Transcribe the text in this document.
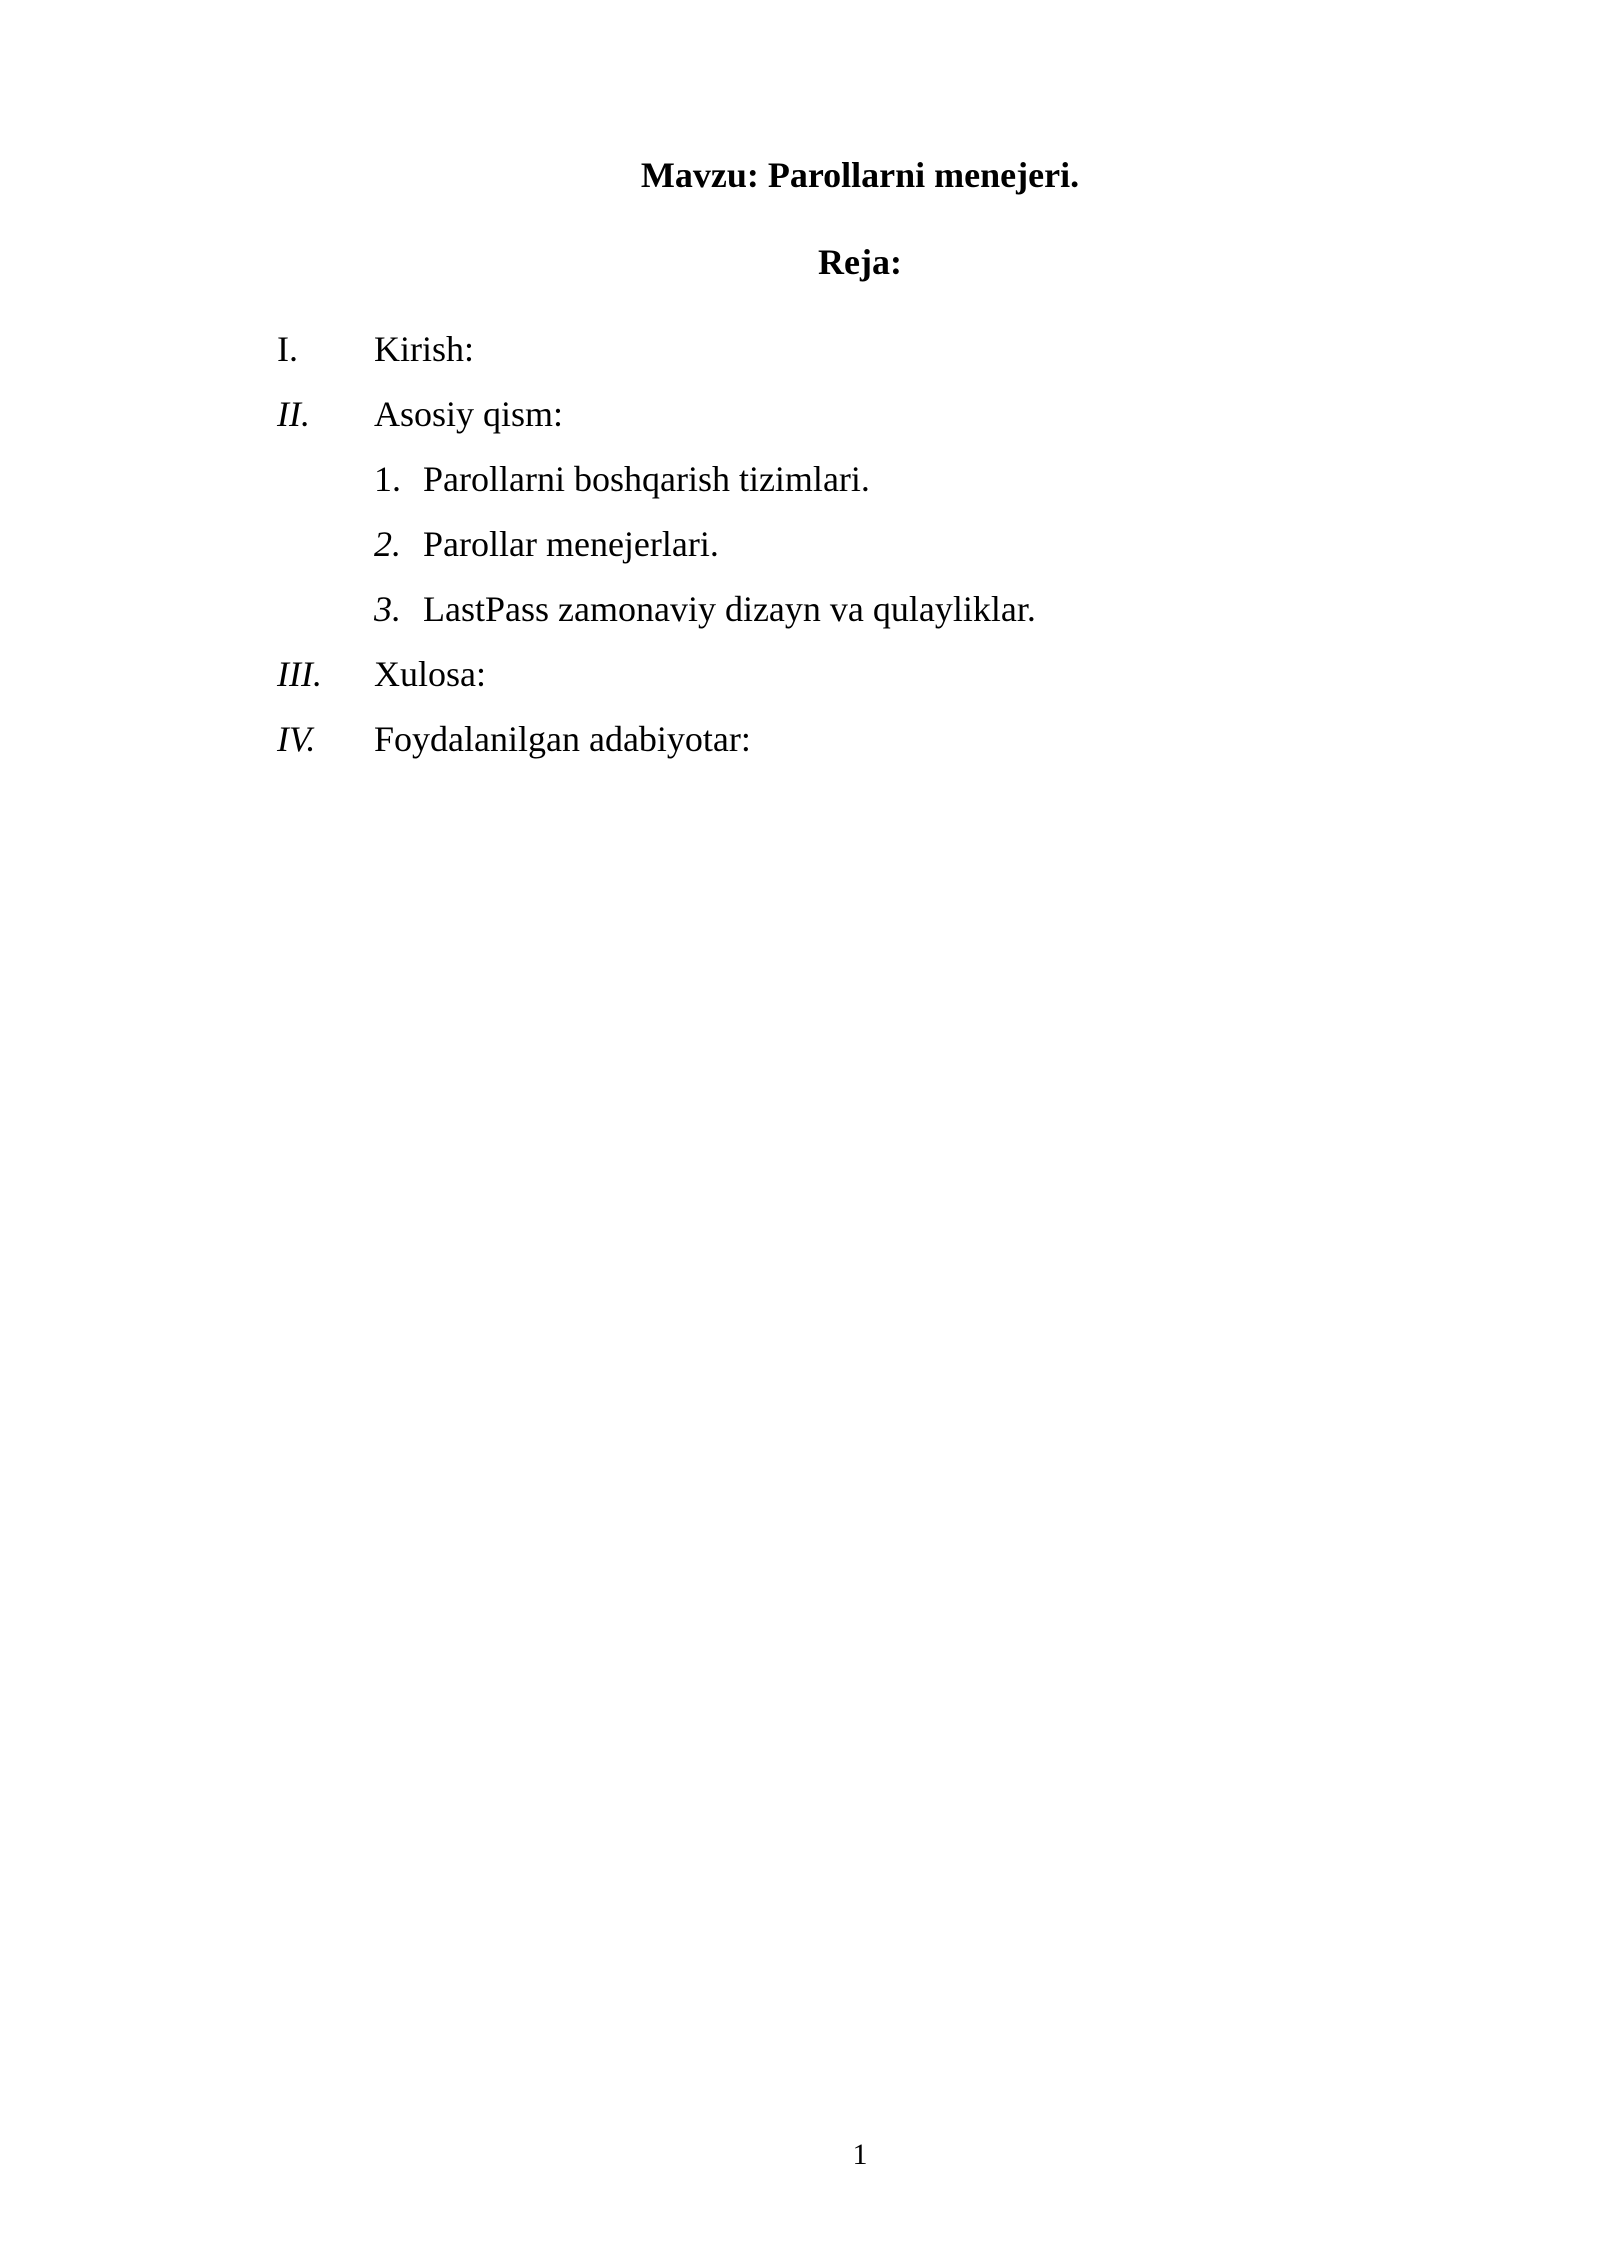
Mavzu: Parollarni menejeri.
Reja:
I. Kirish:
II. Asosiy qism:
1. Parollarni boshqarish tizimlari.
2. Parollar menejerlari.
3. LastPass zamonaviy dizayn va qulayliklar.
III. Xulosa:
IV. Foydalanilgan adabiyotar:
1
